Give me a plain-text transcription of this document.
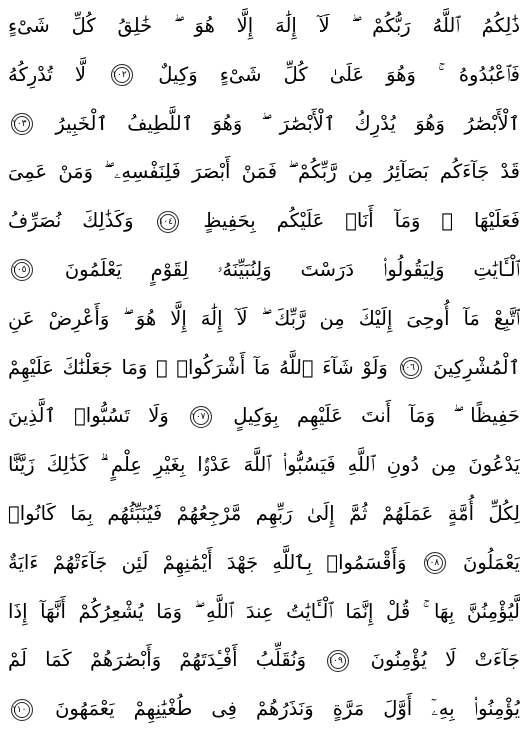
ذَٰلِكُمُ ٱللَّهُ رَبُّكُمْ ۖ لَآ إِلَٰهَ إِلَّا هُوَ ۖ خَٰلِقُ كُلِّ شَىْءٍ
فَٱعْبُدُوهُ ۚ وَهُوَ عَلَىٰ كُلِّ شَىْءٍ وَكِيلٌ ١٠٢ لَّا تُدْرِكُهُ
ٱلْأَبْصَٰرُ وَهُوَ يُدْرِكُ ٱلْأَبْصَٰرَ ۖ وَهُوَ ٱللَّطِيفُ ٱلْخَبِيرُ ١٠٣
قَدْ جَآءَكُم بَصَآئِرُ مِن رَّبِّكُمْ ۖ فَمَنْ أَبْصَرَ فَلِنَفْسِهِۦ ۖ وَمَنْ عَمِىَ
فَعَلَيْهَا ۚ وَمَآ أَنَا۠ عَلَيْكُم بِحَفِيظٍ ١٠٤ وَكَذَٰلِكَ نُصَرِّفُ
ٱلْـَٔايَٰتِ وَلِيَقُولُوا۟ دَرَسْتَ وَلِنُبَيِّنَهُۥ لِقَوْمٍ يَعْلَمُونَ ١٠٥
ٱتَّبِعْ مَآ أُوحِىَ إِلَيْكَ مِن رَّبِّكَ ۖ لَآ إِلَٰهَ إِلَّا هُوَ ۖ وَأَعْرِضْ عَنِ
ٱلْمُشْرِكِينَ ١٠٦ وَلَوْ شَآءَ ٱللَّهُ مَآ أَشْرَكُوا۟ ۗ وَمَا جَعَلْنَٰكَ عَلَيْهِمْ
حَفِيظًا ۖ وَمَآ أَنتَ عَلَيْهِم بِوَكِيلٍ ١٠٧ وَلَا تَسُبُّوا۟ ٱلَّذِينَ
يَدْعُونَ مِن دُونِ ٱللَّهِ فَيَسُبُّوا۟ ٱللَّهَ عَدْوًۢا بِغَيْرِ عِلْمٍ ۗ كَذَٰلِكَ زَيَّنَّا
لِكُلِّ أُمَّةٍ عَمَلَهُمْ ثُمَّ إِلَىٰ رَبِّهِم مَّرْجِعُهُمْ فَيُنَبِّئُهُم بِمَا كَانُوا۟
يَعْمَلُونَ ١٠٨ وَأَقْسَمُوا۟ بِٱللَّهِ جَهْدَ أَيْمَٰنِهِمْ لَئِن جَآءَتْهُمْ ءَايَةٌ
لَّيُؤْمِنُنَّ بِهَا ۚ قُلْ إِنَّمَا ٱلْـَٔايَٰتُ عِندَ ٱللَّهِ ۖ وَمَا يُشْعِرُكُمْ أَنَّهَآ إِذَا
جَآءَتْ لَا يُؤْمِنُونَ ١٠٩ وَنُقَلِّبُ أَفْـِٔدَتَهُمْ وَأَبْصَٰرَهُمْ كَمَا لَمْ
يُؤْمِنُوا۟ بِهِۦٓ أَوَّلَ مَرَّةٍ وَنَذَرُهُمْ فِى طُغْيَٰنِهِمْ يَعْمَهُونَ ١١٠
